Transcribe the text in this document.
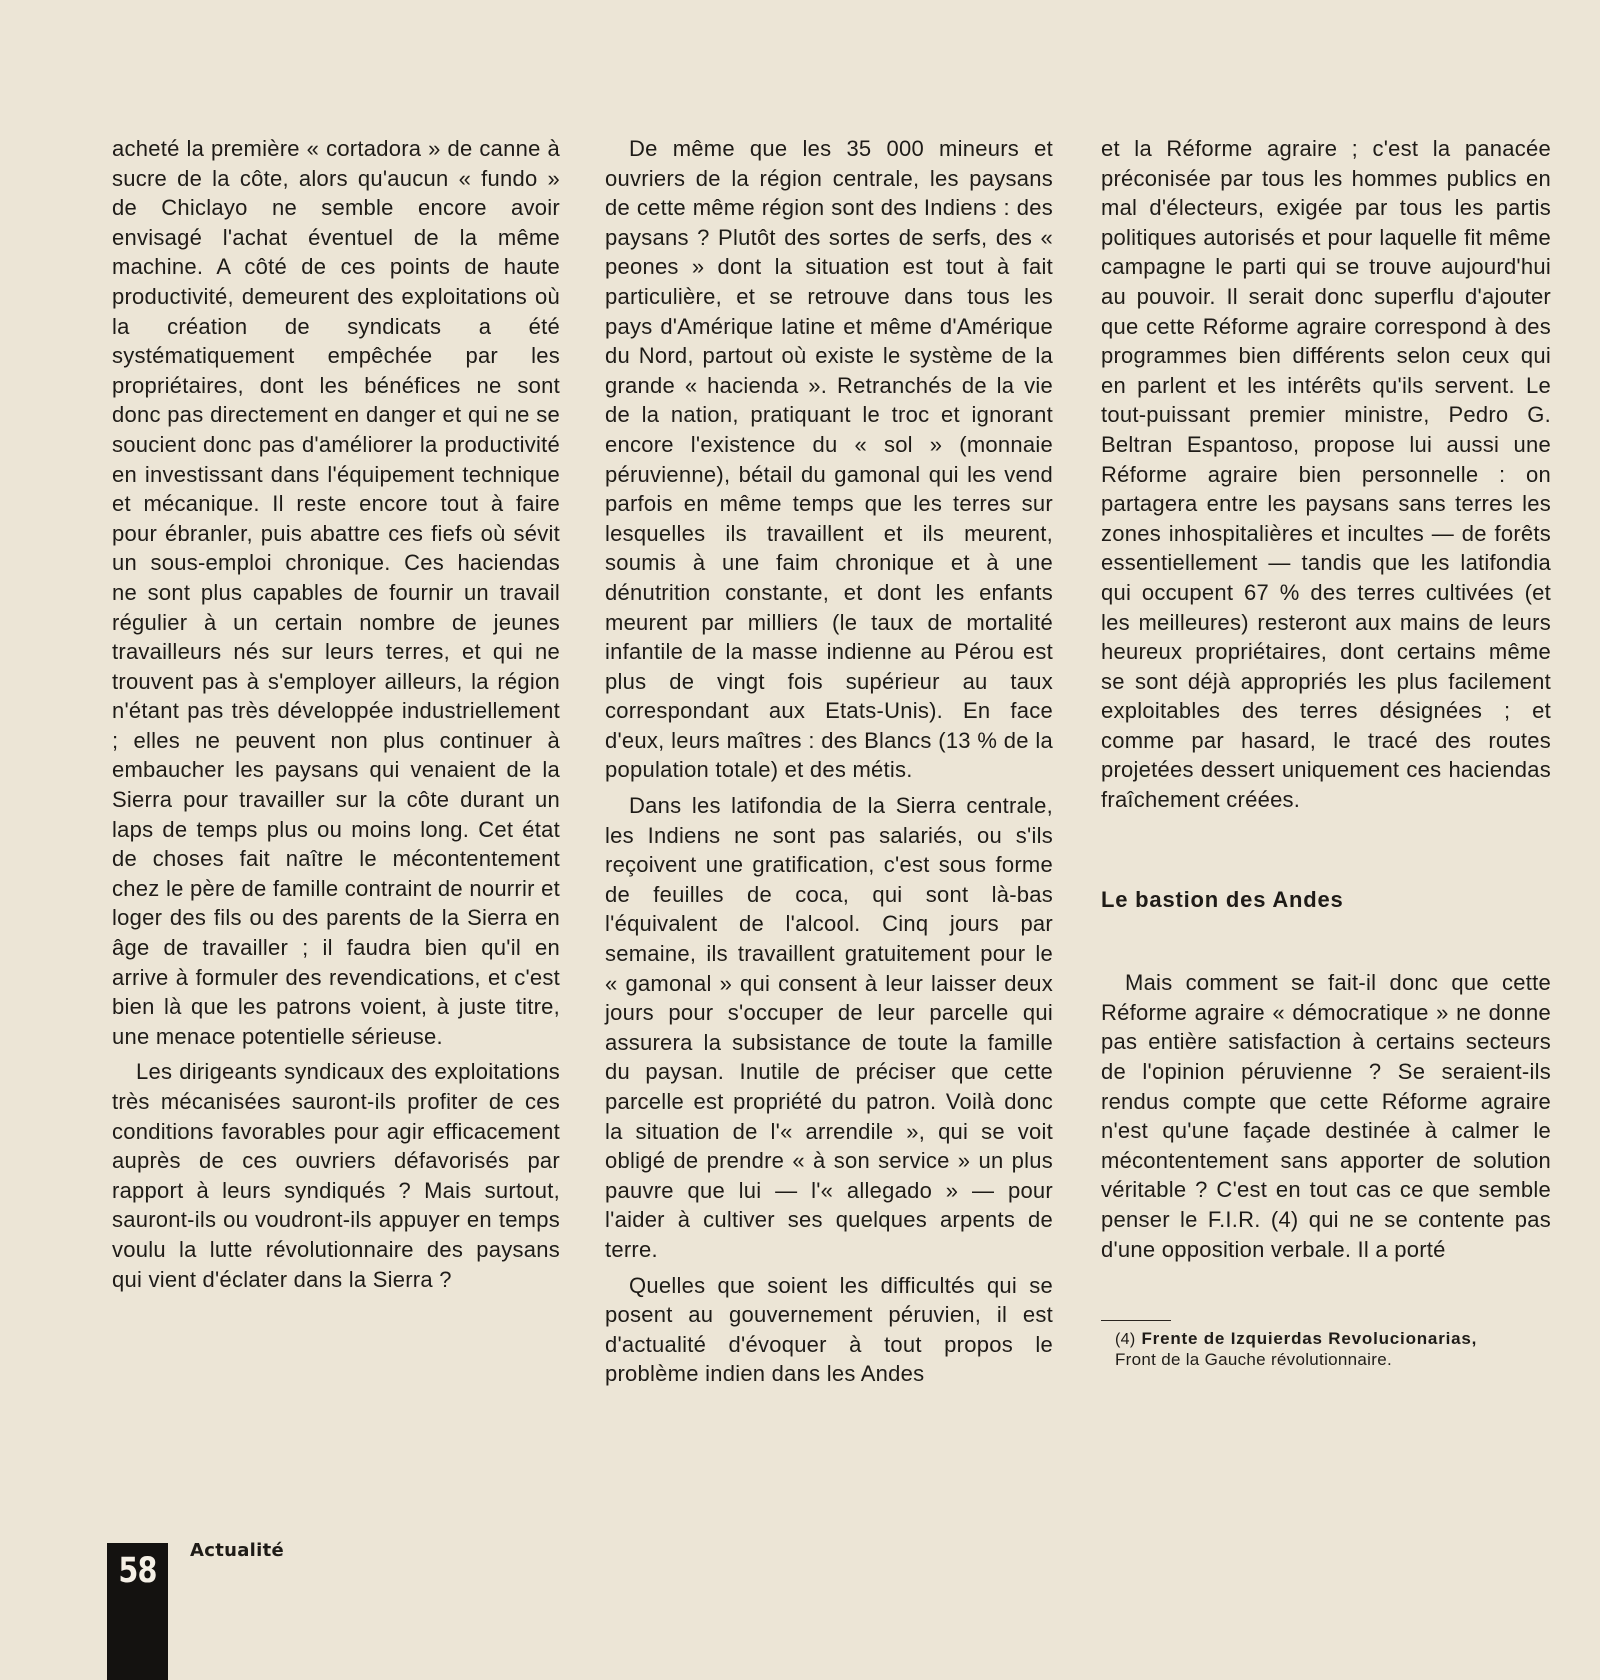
acheté la première « cortadora » de canne à sucre de la côte, alors qu'aucun « fundo » de Chiclayo ne semble encore avoir envisagé l'achat éventuel de la même machine. A côté de ces points de haute productivité, demeurent des exploitations où la création de syndicats a été systématiquement empêchée par les propriétaires, dont les bénéfices ne sont donc pas directement en danger et qui ne se soucient donc pas d'améliorer la productivité en investissant dans l'équipement technique et mécanique. Il reste encore tout à faire pour ébranler, puis abattre ces fiefs où sévit un sous-emploi chronique. Ces haciendas ne sont plus capables de fournir un travail régulier à un certain nombre de jeunes travailleurs nés sur leurs terres, et qui ne trouvent pas à s'employer ailleurs, la région n'étant pas très développée industriellement ; elles ne peuvent non plus continuer à embaucher les paysans qui venaient de la Sierra pour travailler sur la côte durant un laps de temps plus ou moins long. Cet état de choses fait naître le mécontentement chez le père de famille contraint de nourrir et loger des fils ou des parents de la Sierra en âge de travailler ; il faudra bien qu'il en arrive à formuler des revendications, et c'est bien là que les patrons voient, à juste titre, une menace potentielle sérieuse.

Les dirigeants syndicaux des exploitations très mécanisées sauront-ils profiter de ces conditions favorables pour agir efficacement auprès de ces ouvriers défavorisés par rapport à leurs syndiqués ? Mais surtout, sauront-ils ou voudront-ils appuyer en temps voulu la lutte révolutionnaire des paysans qui vient d'éclater dans la Sierra ?

De même que les 35 000 mineurs et ouvriers de la région centrale, les paysans de cette même région sont des Indiens : des paysans ? Plutôt des sortes de serfs, des « peones » dont la situation est tout à fait particulière, et se retrouve dans tous les pays d'Amérique latine et même d'Amérique du Nord, partout où existe le système de la grande « hacienda ». Retranchés de la vie de la nation, pratiquant le troc et ignorant encore l'existence du « sol » (monnaie péruvienne), bétail du gamonal qui les vend parfois en même temps que les terres sur lesquelles ils travaillent et ils meurent, soumis à une faim chronique et à une dénutrition constante, et dont les enfants meurent par milliers (le taux de mortalité infantile de la masse indienne au Pérou est plus de vingt fois supérieur au taux correspondant aux Etats-Unis). En face d'eux, leurs maîtres : des Blancs (13 % de la population totale) et des métis.

Dans les latifondia de la Sierra centrale, les Indiens ne sont pas salariés, ou s'ils reçoivent une gratification, c'est sous forme de feuilles de coca, qui sont là-bas l'équivalent de l'alcool. Cinq jours par semaine, ils travaillent gratuitement pour le « gamonal » qui consent à leur laisser deux jours pour s'occuper de leur parcelle qui assurera la subsistance de toute la famille du paysan. Inutile de préciser que cette parcelle est propriété du patron. Voilà donc la situation de l'« arrendile », qui se voit obligé de prendre « à son service » un plus pauvre que lui — l'« allegado » — pour l'aider à cultiver ses quelques arpents de terre.

Quelles que soient les difficultés qui se posent au gouvernement péruvien, il est d'actualité d'évoquer à tout propos le problème indien dans les Andes

et la Réforme agraire ; c'est la panacée préconisée par tous les hommes publics en mal d'électeurs, exigée par tous les partis politiques autorisés et pour laquelle fit même campagne le parti qui se trouve aujourd'hui au pouvoir. Il serait donc superflu d'ajouter que cette Réforme agraire correspond à des programmes bien différents selon ceux qui en parlent et les intérêts qu'ils servent. Le tout-puissant premier ministre, Pedro G. Beltran Espantoso, propose lui aussi une Réforme agraire bien personnelle : on partagera entre les paysans sans terres les zones inhospitalières et incultes — de forêts essentiellement — tandis que les latifondia qui occupent 67 % des terres cultivées (et les meilleures) resteront aux mains de leurs heureux propriétaires, dont certains même se sont déjà appropriés les plus facilement exploitables des terres désignées ; et comme par hasard, le tracé des routes projetées dessert uniquement ces haciendas fraîchement créées.

Le bastion des Andes

Mais comment se fait-il donc que cette Réforme agraire « démocratique » ne donne pas entière satisfaction à certains secteurs de l'opinion péruvienne ? Se seraient-ils rendus compte que cette Réforme agraire n'est qu'une façade destinée à calmer le mécontentement sans apporter de solution véritable ? C'est en tout cas ce que semble penser le F.I.R. (4) qui ne se contente pas d'une opposition verbale. Il a porté

(4) Frente de Izquierdas Revolucionarias,
Front de la Gauche révolutionnaire.
58
Actualité
